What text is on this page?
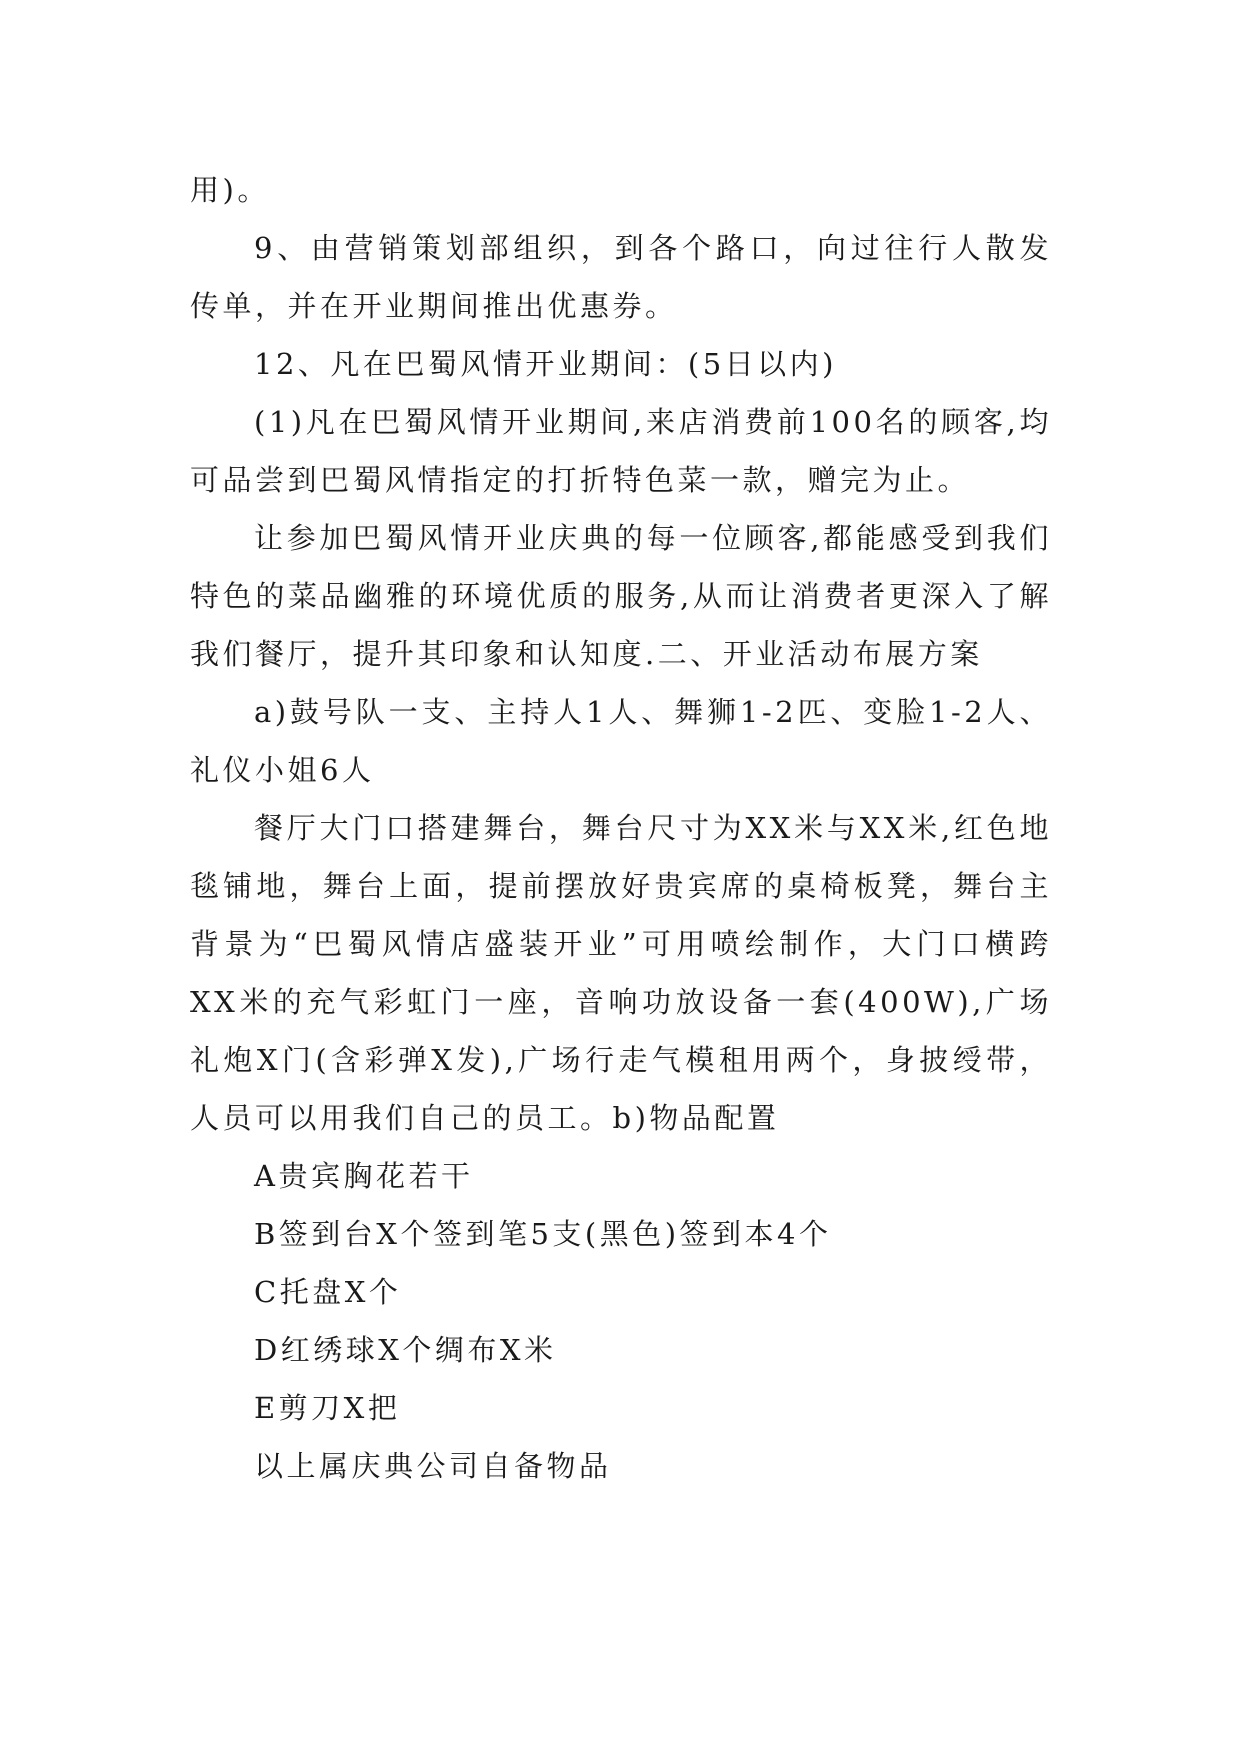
用)。

9、由营销策划部组织，到各个路口，向过往行人散发传单，并在开业期间推出优惠券。

12、凡在巴蜀风情开业期间：(5日以内)

(1)凡在巴蜀风情开业期间,来店消费前100名的顾客,均可品尝到巴蜀风情指定的打折特色菜一款，赠完为止。

让参加巴蜀风情开业庆典的每一位顾客,都能感受到我们特色的菜品幽雅的环境优质的服务,从而让消费者更深入了解我们餐厅，提升其印象和认知度.二、开业活动布展方案

a)鼓号队一支、主持人1人、舞狮1-2匹、变脸1-2人、礼仪小姐6人

餐厅大门口搭建舞台，舞台尺寸为XX米与XX米,红色地毯铺地，舞台上面，提前摆放好贵宾席的桌椅板凳，舞台主背景为“巴蜀风情店盛装开业”可用喷绘制作，大门口横跨XX米的充气彩虹门一座，音响功放设备一套(400W),广场礼炮X门(含彩弹X发),广场行走气模租用两个，身披绶带，人员可以用我们自己的员工。b)物品配置

A贵宾胸花若干

B签到台X个签到笔5支(黑色)签到本4个

C托盘X个

D红绣球X个绸布X米

E剪刀X把

以上属庆典公司自备物品
